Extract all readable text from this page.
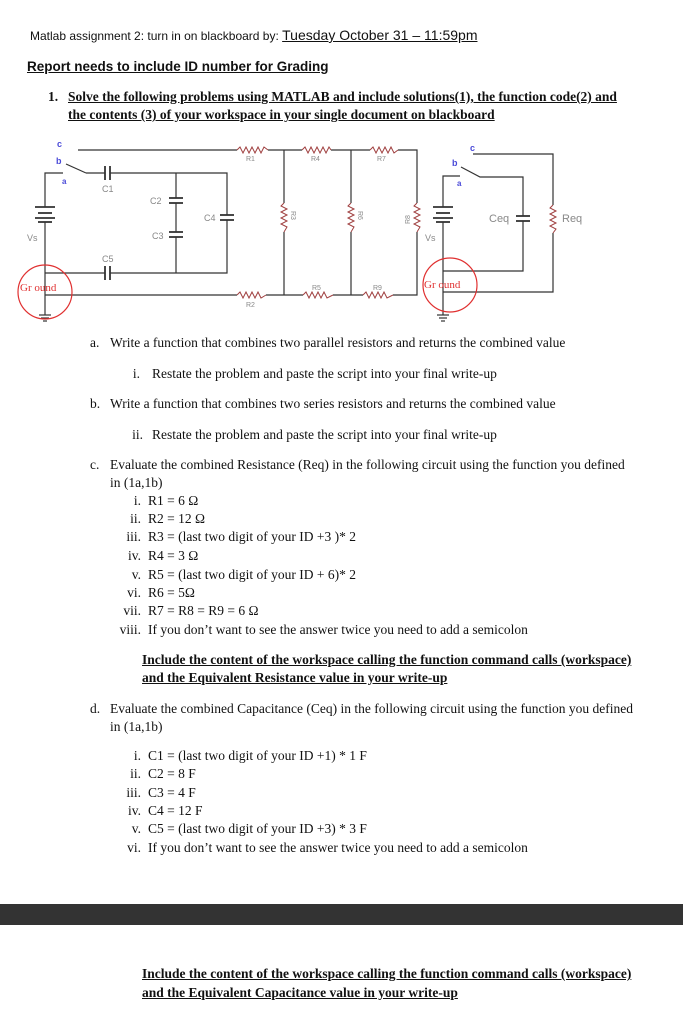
Matlab assignment 2: turn in on blackboard by: Tuesday October 31 – 11:59pm
Report needs to include ID number for Grading
1. Solve the following problems using MATLAB and include solutions(1), the function code(2) and
the contents (3) of your workspace in your single document on blackboard
c
b
a
c
b
a
Vs	Vs
C1
C2
C3
C4
C5
R1	R4	R7
R2
R5	R9
R3	R6	R8	Ceq	Req
Gr ound	Gr ound
a. Write a function that combines two parallel resistors and returns the combined value
i. Restate the problem and paste the script into your final write-up
b. Write a function that combines two series resistors and returns the combined value
ii. Restate the problem and paste the script into your final write-up
c. Evaluate the combined Resistance (Req) in the following circuit using the function you defined
in (1a,1b)
i. R1 = 6 Ω
ii. R2 = 12 Ω
iii. R3 = (last two digit of your ID +3 )* 2
iv. R4 = 3 Ω
v. R5 = (last two digit of your ID + 6)* 2
vi. R6 = 5Ω
vii. R7 = R8 = R9 = 6 Ω
viii. If you don’t want to see the answer twice you need to add a semicolon
Include the content of the workspace calling the function command calls (workspace)
and the Equivalent Resistance value in your write-up
d. Evaluate the combined Capacitance (Ceq) in the following circuit using the function you defined
in (1a,1b)
i. C1 = (last two digit of your ID +1) * 1 F
ii. C2 = 8 F
iii. C3 = 4 F
iv. C4 = 12 F
v. C5 = (last two digit of your ID +3) * 3 F
vi. If you don’t want to see the answer twice you need to add a semicolon
Include the content of the workspace calling the function command calls (workspace)
and the Equivalent Capacitance value in your write-up
